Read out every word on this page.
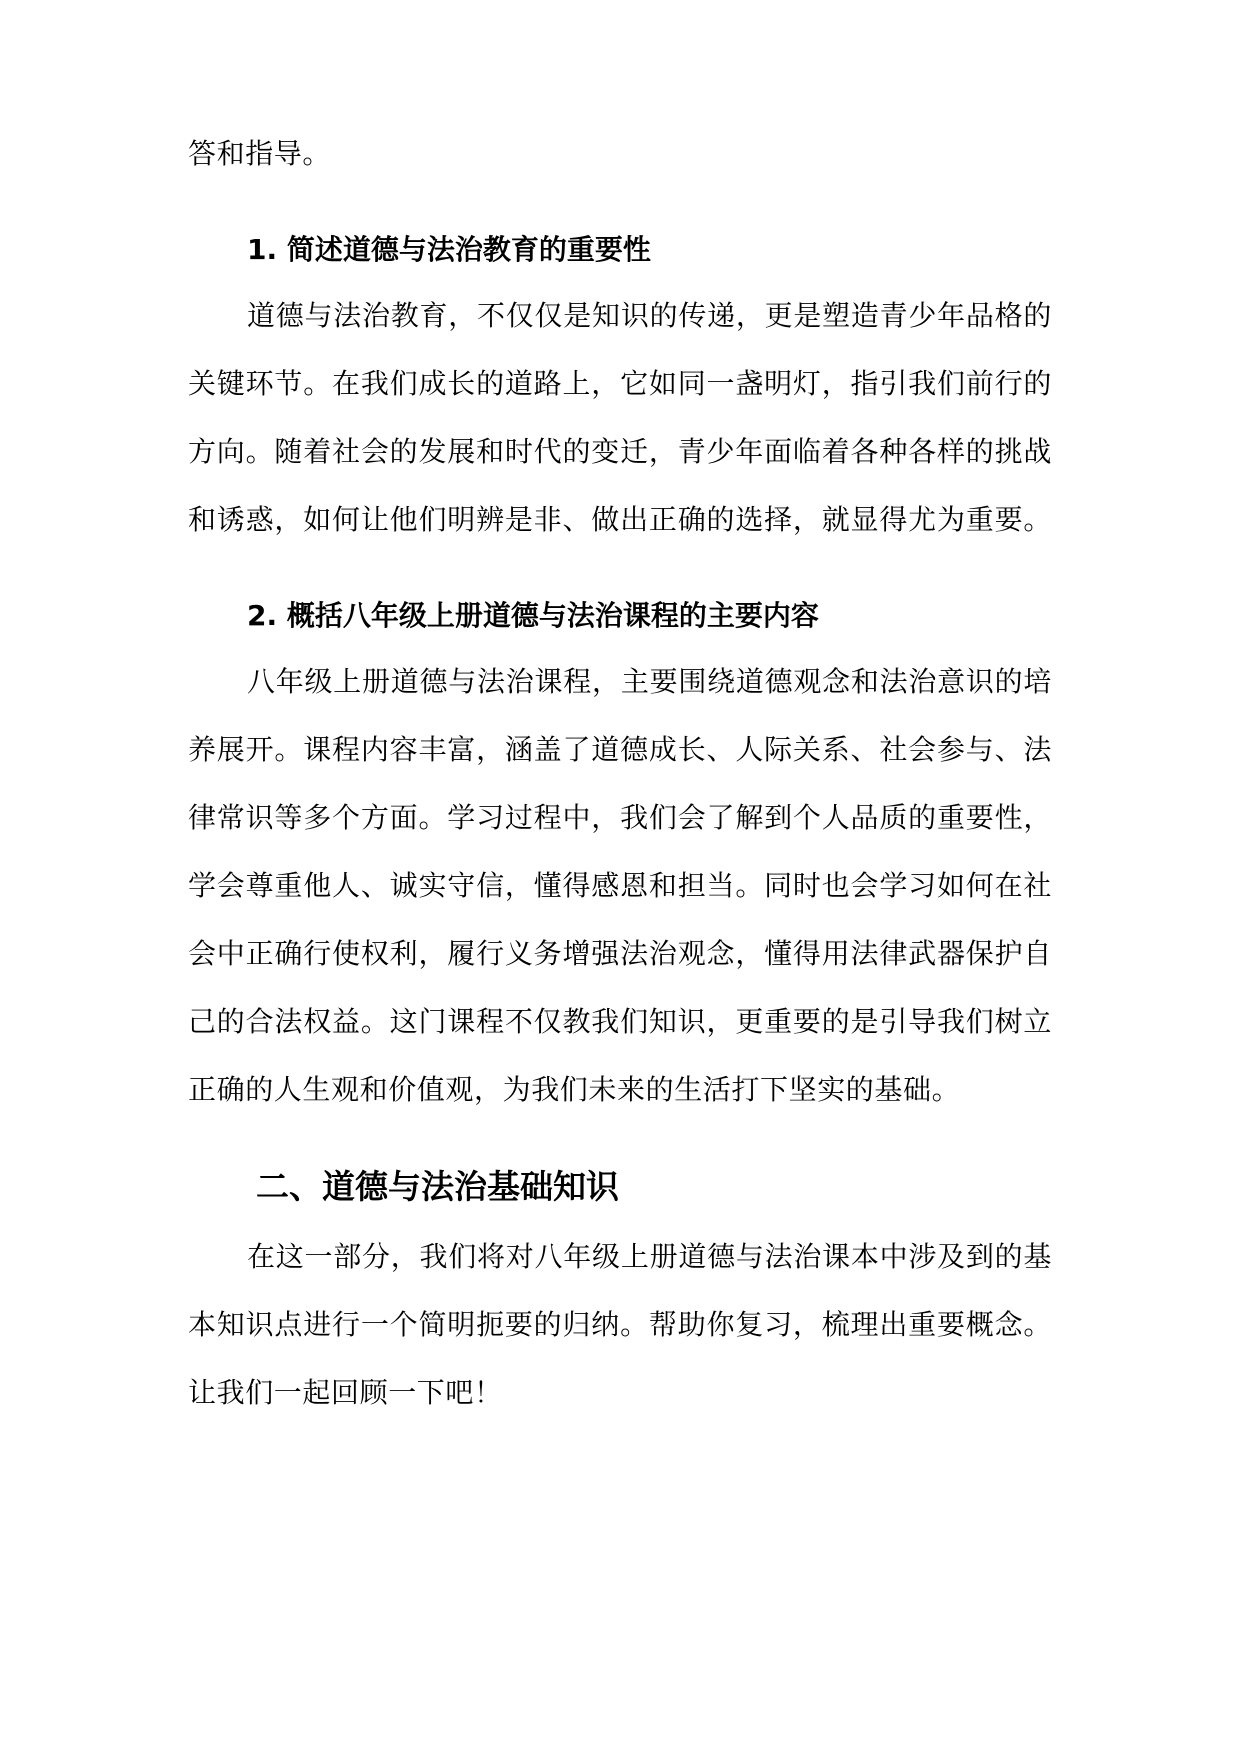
答和指导。
1. 简述道德与法治教育的重要性
道德与法治教育，不仅仅是知识的传递，更是塑造青少年品格的
关键环节。在我们成长的道路上，它如同一盏明灯，指引我们前行的
方向。随着社会的发展和时代的变迁，青少年面临着各种各样的挑战
和诱惑，如何让他们明辨是非、做出正确的选择，就显得尤为重要。
2. 概括八年级上册道德与法治课程的主要内容
八年级上册道德与法治课程，主要围绕道德观念和法治意识的培
养展开。课程内容丰富，涵盖了道德成长、人际关系、社会参与、法
律常识等多个方面。学习过程中，我们会了解到个人品质的重要性，
学会尊重他人、诚实守信，懂得感恩和担当。同时也会学习如何在社
会中正确行使权利，履行义务增强法治观念，懂得用法律武器保护自
己的合法权益。这门课程不仅教我们知识，更重要的是引导我们树立
正确的人生观和价值观，为我们未来的生活打下坚实的基础。
二、道德与法治基础知识
在这一部分，我们将对八年级上册道德与法治课本中涉及到的基
本知识点进行一个简明扼要的归纳。帮助你复习，梳理出重要概念。
让我们一起回顾一下吧！
